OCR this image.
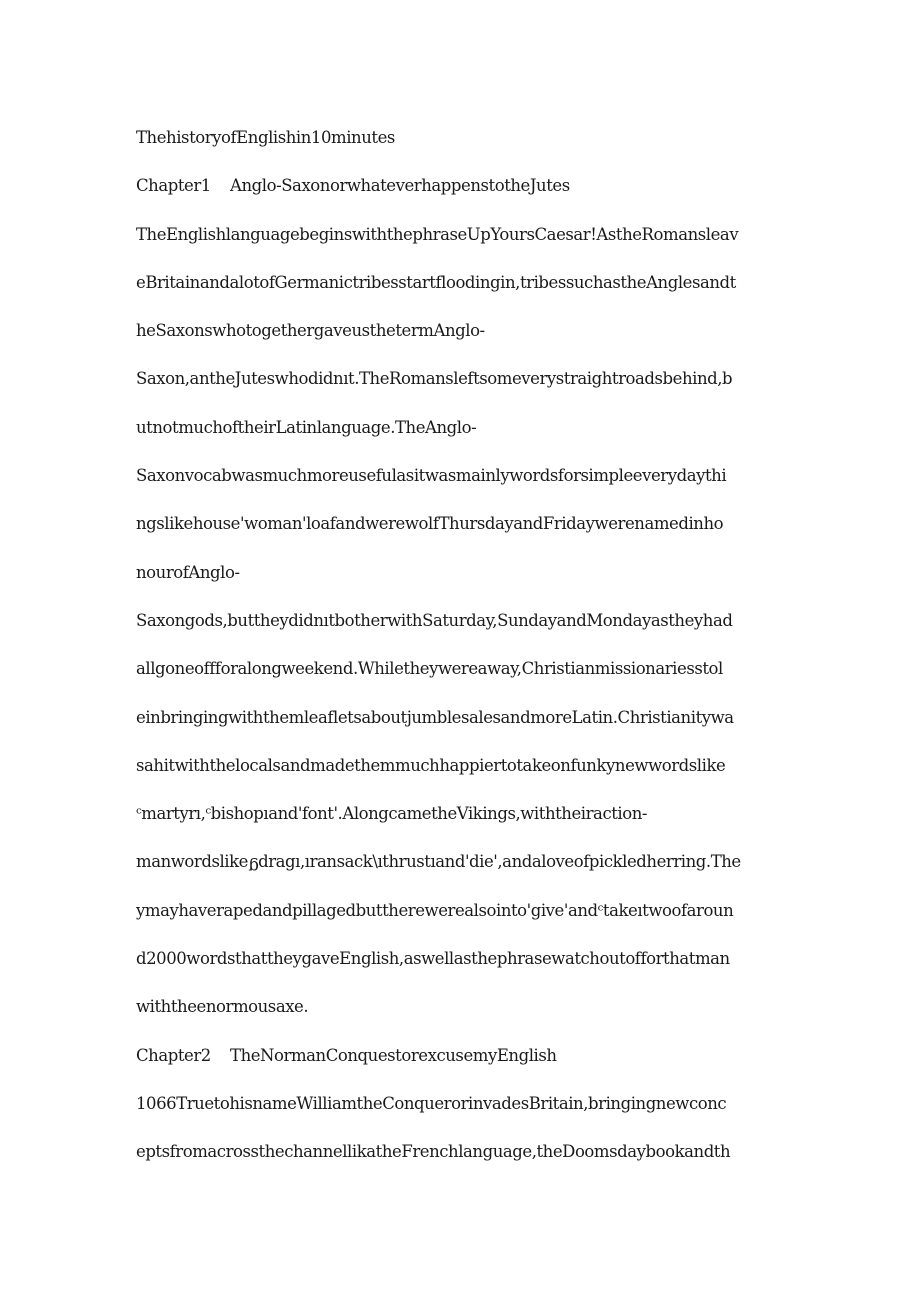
ThehistoryofEnglishin10minutes
Chapter1    Anglo-SaxonorwhateverhappenstotheJutes
TheEnglishlanguagebeginswiththephraseUpYoursCaesar!AstheRomansleav
eBritainandalotofGermanictribesstartfloodingin,tribessuchastheAnglesandt
heSaxonswhotogethergaveusthetermAnglo-
Saxon,antheJuteswhodidnıt.TheRomansleftsomeverystraightroadsbehind,b
utnotmuchoftheirLatinlanguage.TheAnglo-
Saxonvocabwasmuchmoreusefulasitwasmainlywordsforsimpleeverydaythi
ngslikehouse'woman'loafandwerewolfThursdayandFridaywerenamedinho
nourofAnglo-
Saxongods,buttheydidnıtbotherwithSaturday,SundayandMondayastheyhad
allgoneoffforalongweekend.Whiletheywereaway,Christianmissionariesstol
einbringingwiththemleafletsaboutjumblesalesandmoreLatin.Christianitywa
sahitwiththelocalsandmadethemmuchhappiertotakeonfunkynewwordslike
ᶜmartyrı,ᶜbishopıand'font'.AlongcametheVikings,withtheiraction-
manwordslikeᵷdragı,ıransack\ıthrustıand'die',andaloveofpickledherring.The
ymayhaverapedandpillagedbuttherewerealsointo'give'andᶜtakeıtwoofaroun
d2000wordsthattheygaveEnglish,aswellasthephrasewatchoutofforthatman
withtheenormousaxe.
Chapter2    TheNormanConquestorexcusemyEnglish
1066TruetohisnameWilliamtheConquerorinvadesBritain,bringingnewconc
eptsfromacrossthechannellikatheFrenchlanguage,theDoomsdaybookandth
